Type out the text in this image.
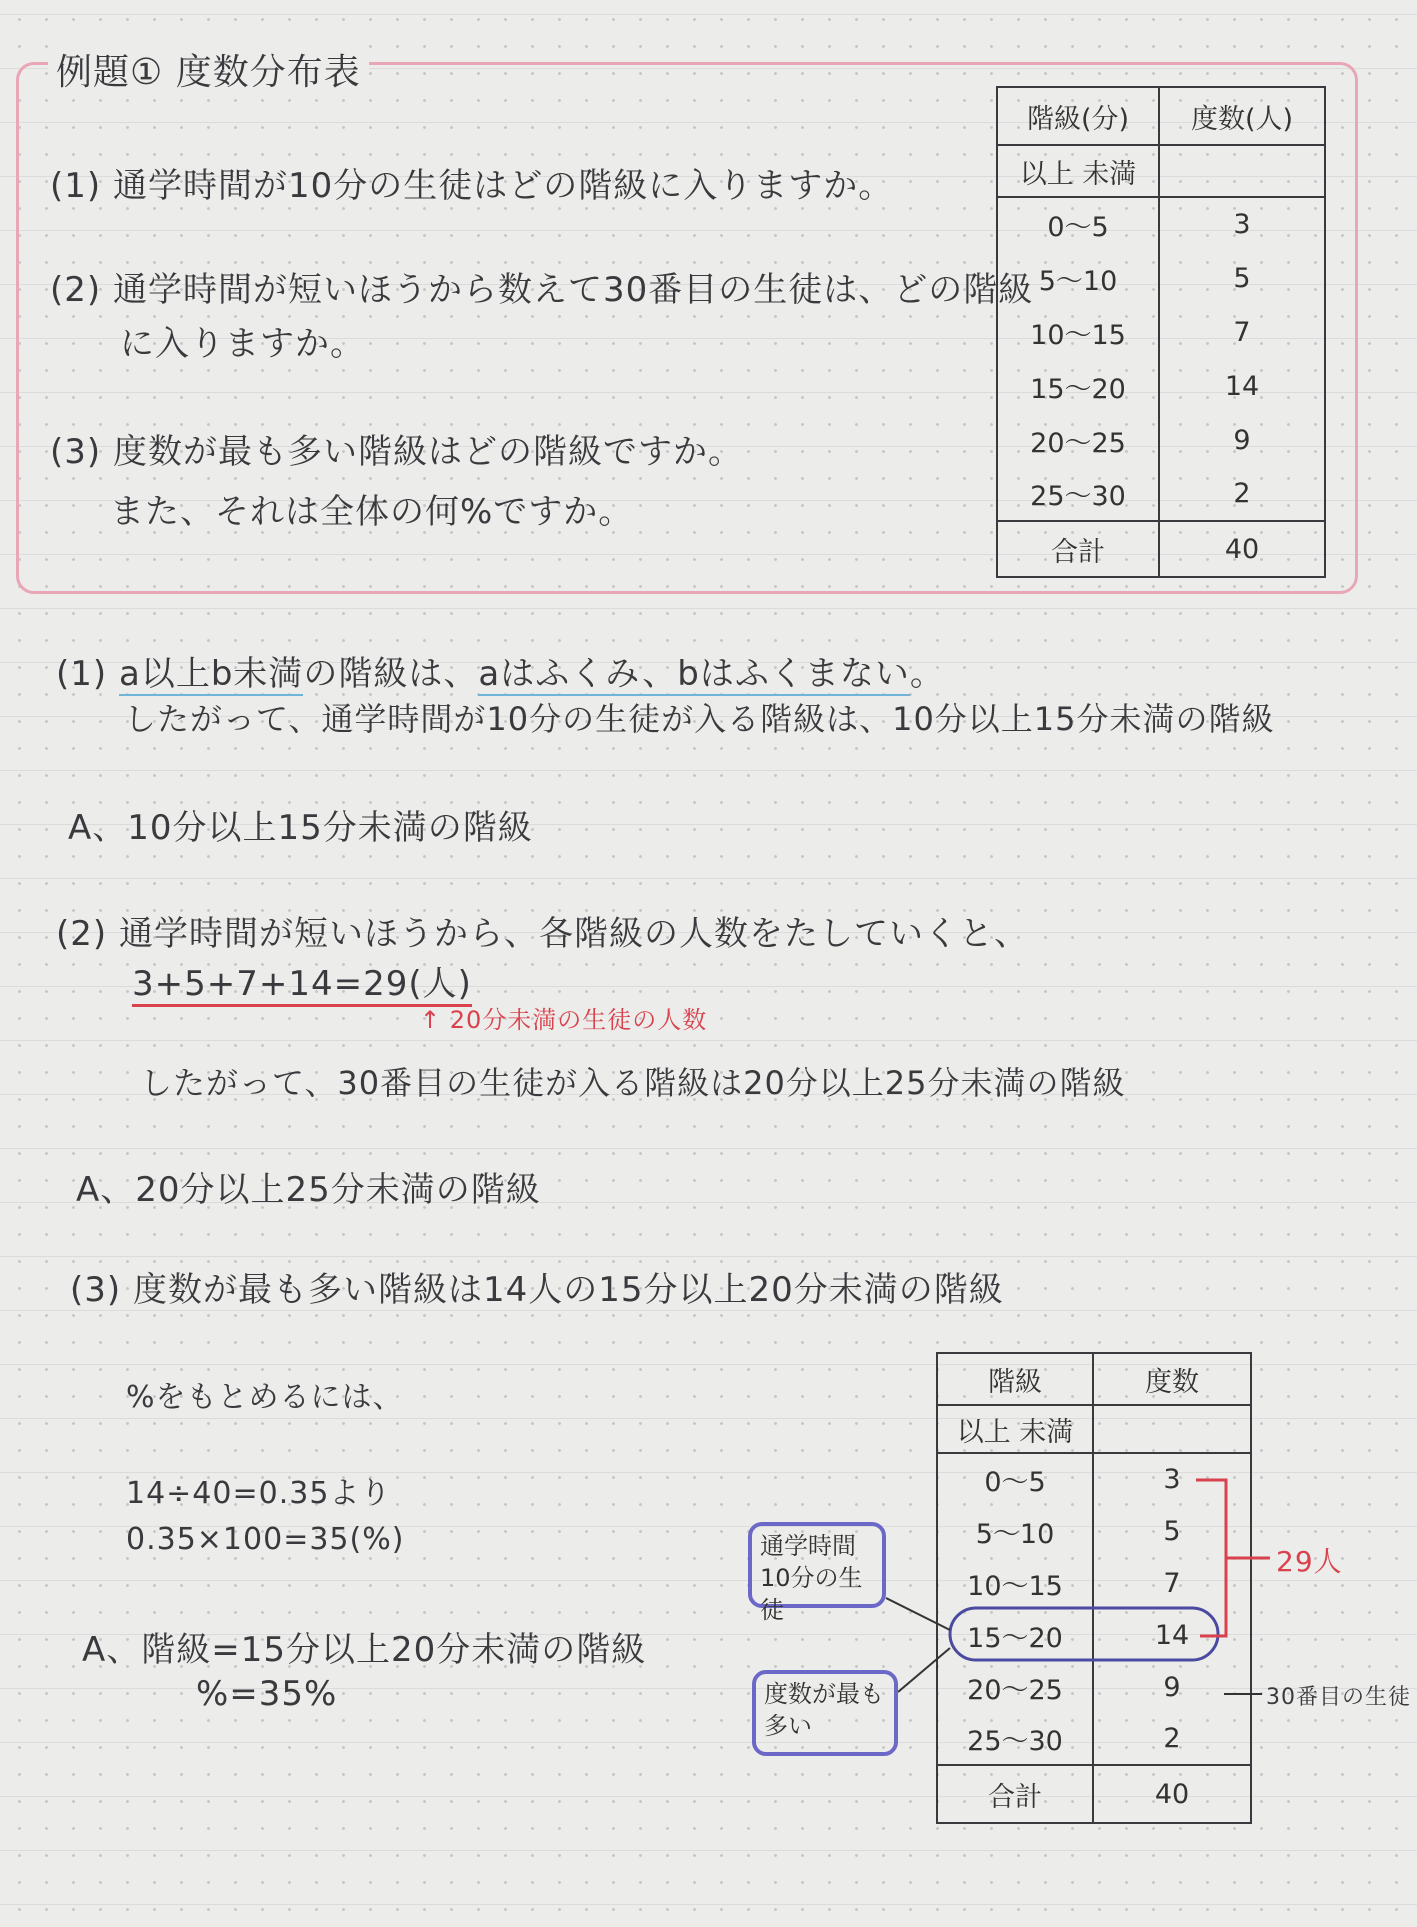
例題① 度数分布表
(1) 通学時間が10分の生徒はどの階級に入りますか。
(2) 通学時間が短いほうから数えて30番目の生徒は、どの階級
に入りますか。
(3) 度数が最も多い階級はどの階級ですか。
また、それは全体の何%ですか。
階級(分)	度数(人)
以上 未満	
0～5	3
5～10	5
10～15	7
15～20	14
20～25	9
25～30	2
合計	40
(1) a以上b未満の階級は、aはふくみ、bはふくまない。
したがって、通学時間が10分の生徒が入る階級は、10分以上15分未満の階級
A、10分以上15分未満の階級
(2) 通学時間が短いほうから、各階級の人数をたしていくと、
3+5+7+14=29(人)
↑ 20分未満の生徒の人数
したがって、30番目の生徒が入る階級は20分以上25分未満の階級
A、20分以上25分未満の階級
(3) 度数が最も多い階級は14人の15分以上20分未満の階級
%をもとめるには、
14÷40=0.35より
0.35×100=35(%)
A、階級=15分以上20分未満の階級
%=35%
階級	度数
以上 未満	
0～5	3
5～10	5
10～15	7
15～20	14
20～25	9
25～30	2
合計	40
通学時間 10分の生徒
度数が最も多い
29人
30番目の生徒
